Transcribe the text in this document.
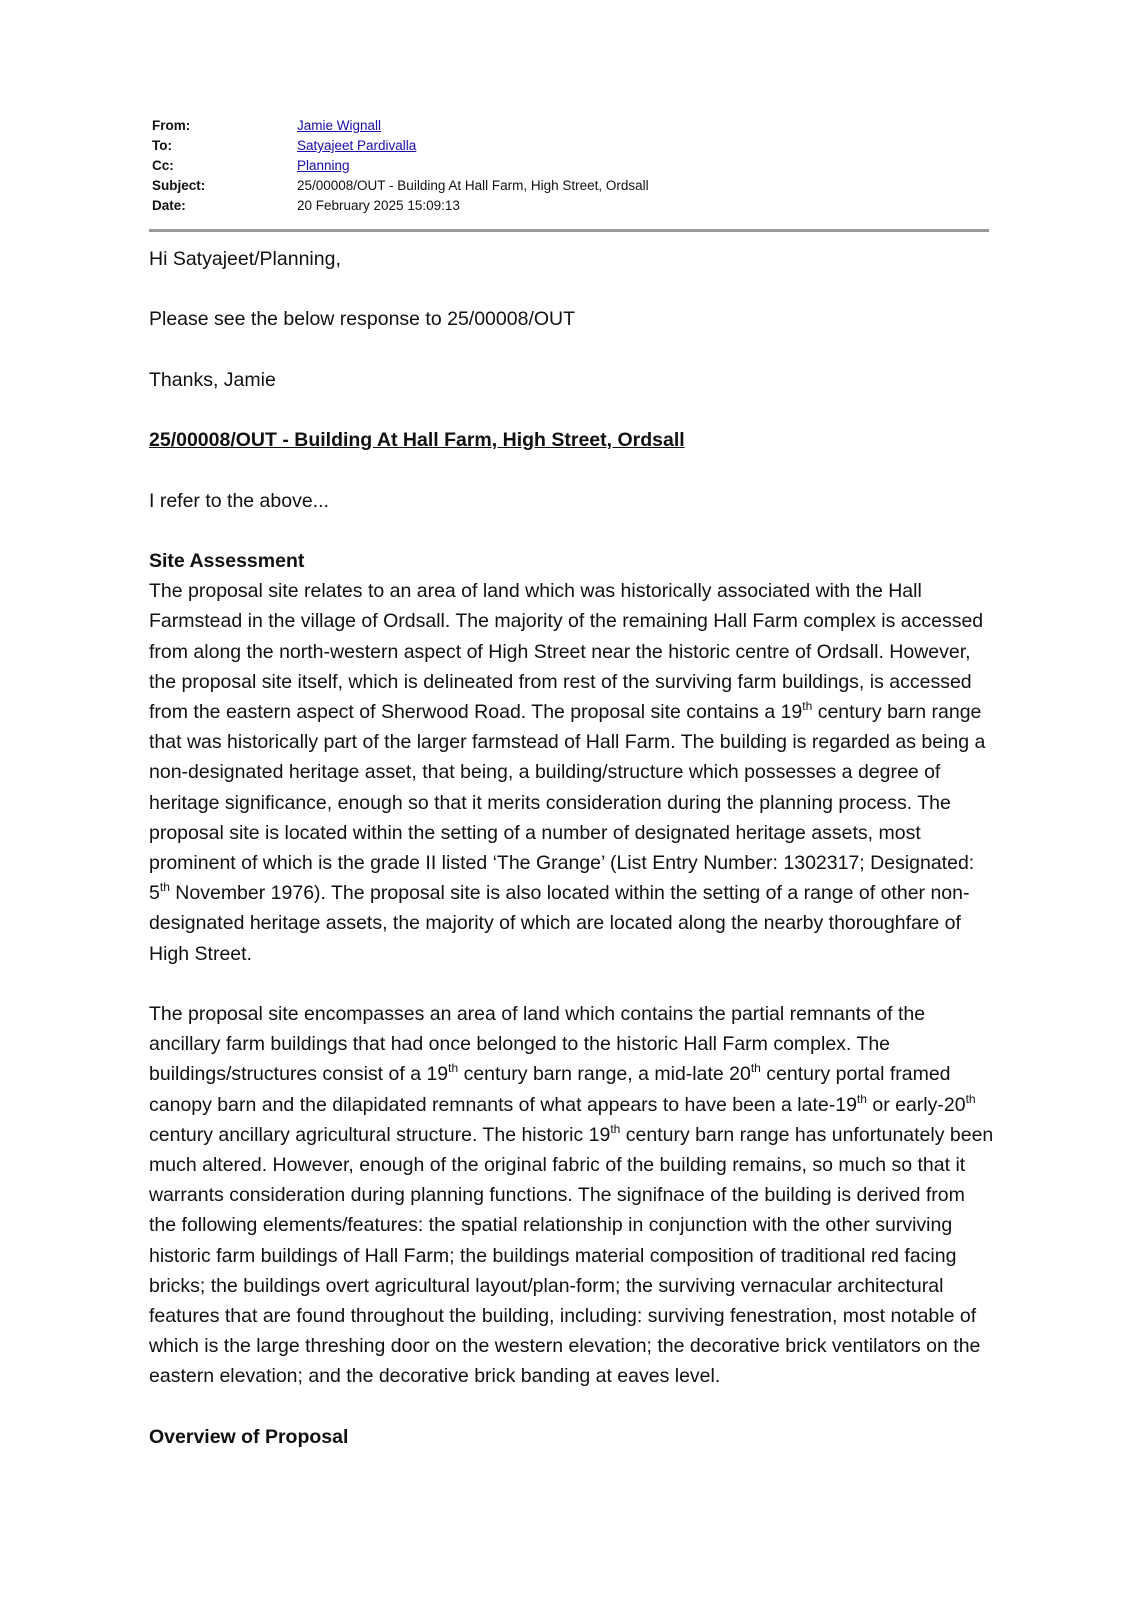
From:	Jamie Wignall
To:	Satyajeet Pardivalla
Cc:	Planning
Subject:	25/00008/OUT - Building At Hall Farm, High Street, Ordsall
Date:	20 February 2025 15:09:13

Hi Satyajeet/Planning,

Please see the below response to 25/00008/OUT

Thanks, Jamie

25/00008/OUT - Building At Hall Farm, High Street, Ordsall

I refer to the above...

Site Assessment

The proposal site relates to an area of land which was historically associated with the Hall Farmstead in the village of Ordsall. The majority of the remaining Hall Farm complex is accessed from along the north-western aspect of High Street near the historic centre of Ordsall. However, the proposal site itself, which is delineated from rest of the surviving farm buildings, is accessed from the eastern aspect of Sherwood Road. The proposal site contains a 19th century barn range that was historically part of the larger farmstead of Hall Farm. The building is regarded as being a non-designated heritage asset, that being, a building/structure which possesses a degree of heritage significance, enough so that it merits consideration during the planning process. The proposal site is located within the setting of a number of designated heritage assets, most prominent of which is the grade II listed ‘The Grange’ (List Entry Number: 1302317; Designated: 5th November 1976). The proposal site is also located within the setting of a range of other non-designated heritage assets, the majority of which are located along the nearby thoroughfare of High Street.

The proposal site encompasses an area of land which contains the partial remnants of the ancillary farm buildings that had once belonged to the historic Hall Farm complex. The buildings/structures consist of a 19th century barn range, a mid-late 20th century portal framed canopy barn and the dilapidated remnants of what appears to have been a late-19th or early-20th century ancillary agricultural structure. The historic 19th century barn range has unfortunately been much altered. However, enough of the original fabric of the building remains, so much so that it warrants consideration during planning functions. The signifnace of the building is derived from the following elements/features: the spatial relationship in conjunction with the other surviving historic farm buildings of Hall Farm; the buildings material composition of traditional red facing bricks; the buildings overt agricultural layout/plan-form; the surviving vernacular architectural features that are found throughout the building, including: surviving fenestration, most notable of which is the large threshing door on the western elevation; the decorative brick ventilators on the eastern elevation; and the decorative brick banding at eaves level.

Overview of Proposal
